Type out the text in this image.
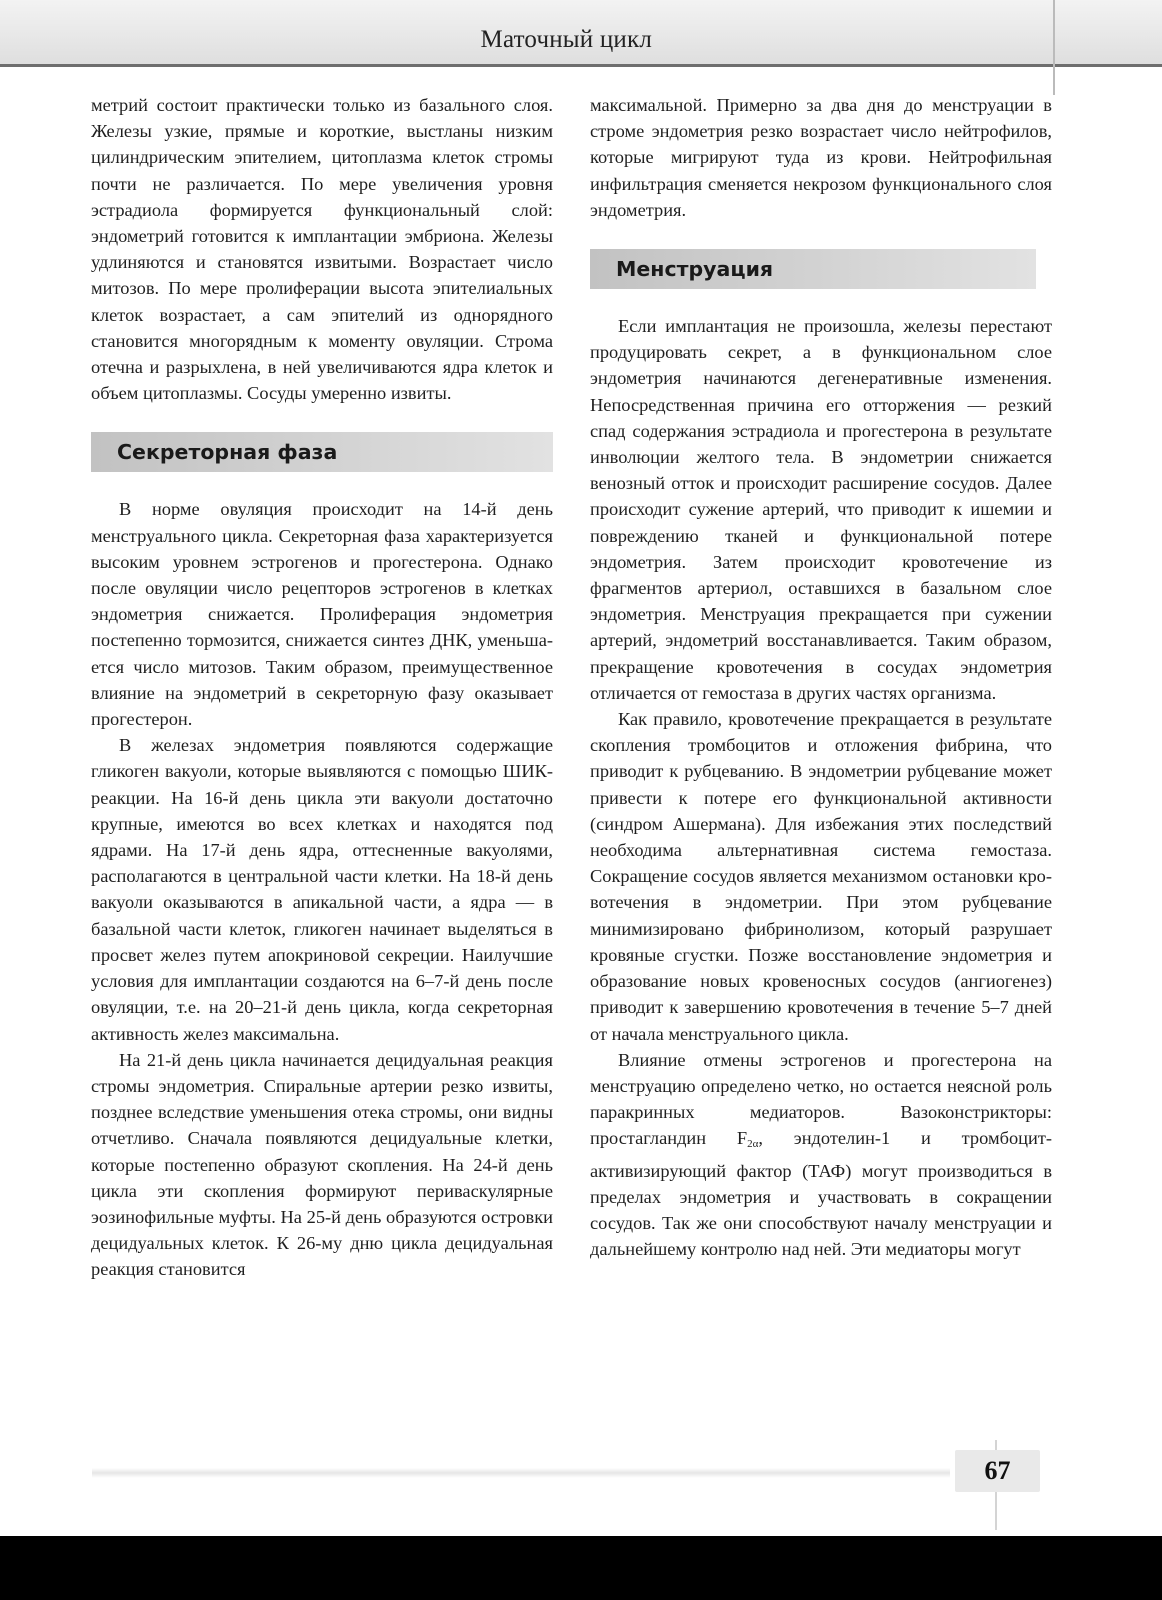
Маточный цикл

метрий состоит практически только из базального слоя. Железы узкие, прямые и короткие, выстланы низким цилиндрическим эпителием, цитоплазма клеток стромы почти не различается. По мере увеличения уровня эстрадиола формируется функциональный слой: эндометрий готовится к имплантации эмбриона. Железы удлиняются и становятся извитыми. Возрастает число митозов. По мере пролиферации высота эпителиальных клеток возрастает, а сам эпителий из однорядного становится многорядным к моменту овуляции. Строма отечна и разрыхлена, в ней увеличиваются ядра клеток и объем цитоплазмы. Сосуды умеренно извиты.

Секреторная фаза

В норме овуляция происходит на 14-й день менструального цикла. Секреторная фаза характеризуется высоким уровнем эстрогенов и прогестерона. Однако после овуляции число рецепторов эстрогенов в клетках эндометрия снижается. Пролиферация эндометрия постепенно тормозится, снижается синтез ДНК, уменьшается число митозов. Таким образом, преимущественное влияние на эндометрий в секреторную фазу оказывает прогестерон.

В железах эндометрия появляются содержащие гликоген вакуоли, которые выявляются с помощью ШИК-реакции. На 16-й день цикла эти вакуоли достаточно крупные, имеются во всех клетках и находятся под ядрами. На 17-й день ядра, оттесненные вакуолями, располагаются в центральной части клетки. На 18-й день вакуоли оказываются в апикальной части, а ядра — в базальной части клеток, гликоген начинает выделяться в просвет желез путем апокриновой секреции. Наилучшие условия для имплантации создаются на 6–7-й день после овуляции, т.е. на 20–21-й день цикла, когда секреторная активность желез максимальна.

На 21-й день цикла начинается децидуальная реакция стромы эндометрия. Спиральные артерии резко извиты, позднее вследствие уменьшения отека стромы, они видны отчетливо. Сначала появляются децидуальные клетки, которые постепенно образуют скопления. На 24-й день цикла эти скопления формируют периваскулярные эозинофильные муфты. На 25-й день образуются островки децидуальных клеток. К 26-му дню цикла децидуальная реакция становится

максимальной. Примерно за два дня до менструации в строме эндометрия резко возрастает число нейтрофилов, которые мигрируют туда из крови. Нейтрофильная инфильтрация сменяется некрозом функционального слоя эндометрия.

Менструация

Если имплантация не произошла, железы перестают продуцировать секрет, а в функциональном слое эндометрия начинаются дегенеративные изменения. Непосредственная причина его отторжения — резкий спад содержания эстрадиола и прогестерона в результате инволюции желтого тела. В эндометрии снижается венозный отток и происходит расширение сосудов. Далее происходит сужение артерий, что приводит к ишемии и повреждению тканей и функциональной потере эндометрия. Затем происходит кровотечение из фрагментов артериол, оставшихся в базальном слое эндометрия. Менструация прекращается при сужении артерий, эндометрий восстанавливается. Таким образом, прекращение кровотечения в сосудах эндометрия отличается от гемостаза в других частях организма.

Как правило, кровотечение прекращается в результате скопления тромбоцитов и отложения фибрина, что приводит к рубцеванию. В эндометрии рубцевание может привести к потере его функциональной активности (синдром Ашермана). Для избежания этих последствий необходима альтернативная система гемостаза. Сокращение сосудов является механизмом остановки кровотечения в эндометрии. При этом рубцевание минимизировано фибринолизом, который разрушает кровяные сгустки. Позже восстановление эндометрия и образование новых кровеносных сосудов (ангиогенез) приводит к завершению кровотечения в течение 5–7 дней от начала менструального цикла.

Влияние отмены эстрогенов и прогестерона на менструацию определено четко, но остается неясной роль паракринных медиаторов. Вазоконстрикторы: простагландин $F_{2\alpha}$, эндотелин-1 и тромбоцит-активизирующий фактор (ТАФ) могут производиться в пределах эндометрия и участвовать в сокращении сосудов. Так же они способствуют началу менструации и дальнейшему контролю над ней. Эти медиаторы могут

67
